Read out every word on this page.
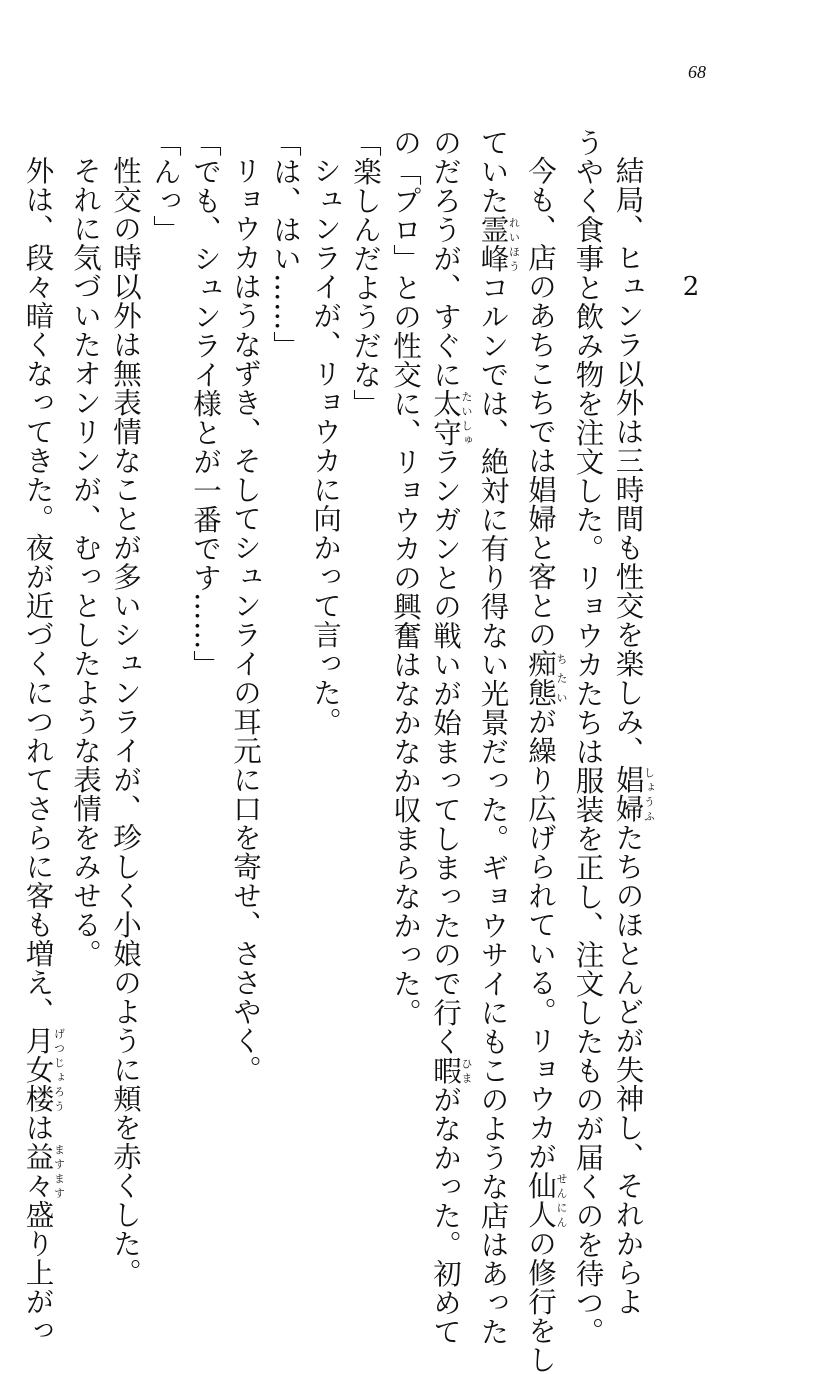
68
2
結局、ヒュンラ以外は三時間も性交を楽しみ、娼婦しょうふたちのほとんどが失神し、それからよ
うやく食事と飲み物を注文した。リョウカたちは服装を正し、注文したものが届くのを待つ。
今も、店のあちこちでは娼婦と客との痴態ちたいが繰り広げられている。リョウカが仙人せんにんの修行をし
ていた霊峰れいほうコルンでは、絶対に有り得ない光景だった。ギョウサイにもこのような店はあった
のだろうが、すぐに太守たいしゅランガンとの戦いが始まってしまったので行く暇ひまがなかった。初めて
の「プロ」との性交に、リョウカの興奮はなかなか収まらなかった。
「楽しんだようだな」
シュンライが、リョウカに向かって言った。
「は、はい……」
リョウカはうなずき、そしてシュンライの耳元に口を寄せ、ささやく。
「でも、シュンライ様とが一番です……」
「んっ」
性交の時以外は無表情なことが多いシュンライが、珍しく小娘のように頬を赤くした。
それに気づいたオンリンが、むっとしたような表情をみせる。
外は、段々暗くなってきた。夜が近づくにつれてさらに客も増え、月女楼げつじょろうは益々ますます盛り上がっ
